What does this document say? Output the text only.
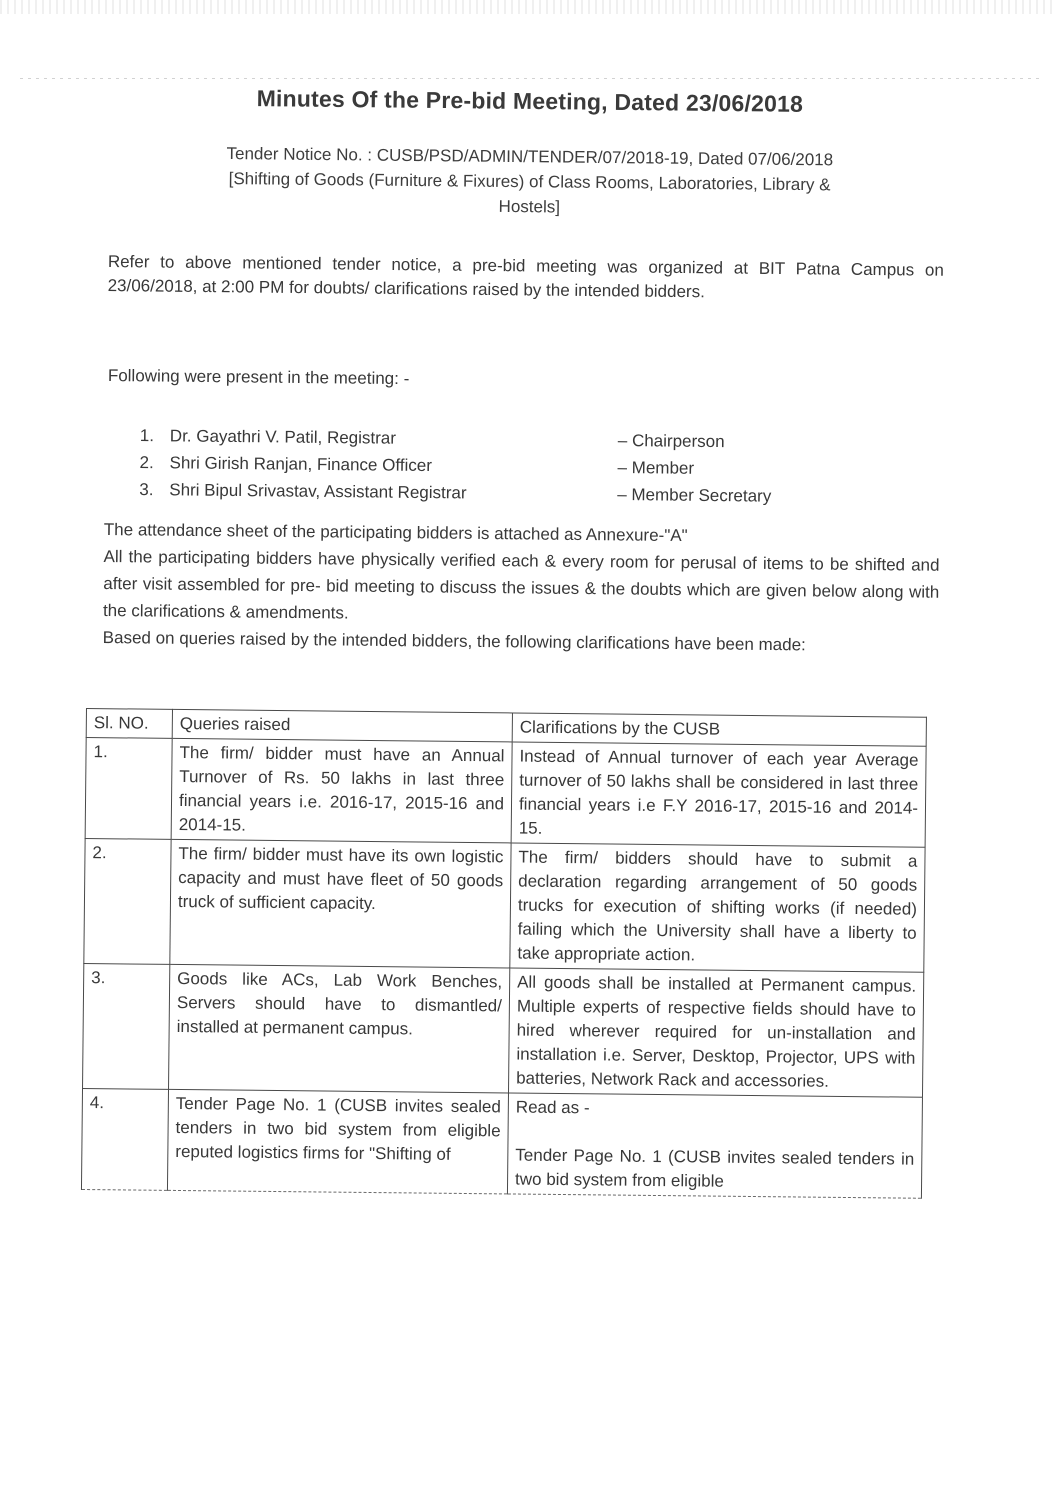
Minutes Of the Pre-bid Meeting, Dated 23/06/2018
Tender Notice No. : CUSB/PSD/ADMIN/TENDER/07/2018-19, Dated 07/06/2018
[Shifting of Goods (Furniture & Fixures) of Class Rooms, Laboratories, Library &
Hostels]
Refer to above mentioned tender notice, a pre-bid meeting was organized at BIT Patna Campus on 23/06/2018, at 2:00 PM for doubts/ clarifications raised by the intended bidders.
Following were present in the meeting: -
1. Dr. Gayathri V. Patil, Registrar	– Chairperson
2. Shri Girish Ranjan, Finance Officer	– Member
3. Shri Bipul Srivastav, Assistant Registrar	– Member Secretary

The attendance sheet of the participating bidders is attached as Annexure-"A"

All the participating bidders have physically verified each & every room for perusal of items to be shifted and after visit assembled for pre- bid meeting to discuss the issues & the doubts which are given below along with the clarifications & amendments.

Based on queries raised by the intended bidders, the following clarifications have been made:

Sl. NO.	Queries raised	Clarifications by the CUSB
1.	The firm/ bidder must have an Annual Turnover of Rs. 50 lakhs in last three financial years i.e. 2016-17, 2015-16 and 2014-15.	Instead of Annual turnover of each year Average turnover of 50 lakhs shall be considered in last three financial years i.e F.Y 2016-17, 2015-16 and 2014-15.
2.	The firm/ bidder must have its own logistic capacity and must have fleet of 50 goods truck of sufficient capacity.	The firm/ bidders should have to submit a declaration regarding arrangement of 50 goods trucks for execution of shifting works (if needed) failing which the University shall have a liberty to take appropriate action.
3.	Goods like ACs, Lab Work Benches, Servers should have to dismantled/ installed at permanent campus.	All goods shall be installed at Permanent campus. Multiple experts of respective fields should have to hired wherever required for un-installation and installation i.e. Server, Desktop, Projector, UPS with batteries, Network Rack and accessories.
4.	Tender Page No. 1 (CUSB invites sealed tenders in two bid system from eligible reputed logistics firms for "Shifting of	Read as -
Tender Page No. 1 (CUSB invites sealed tenders in two bid system from eligible
